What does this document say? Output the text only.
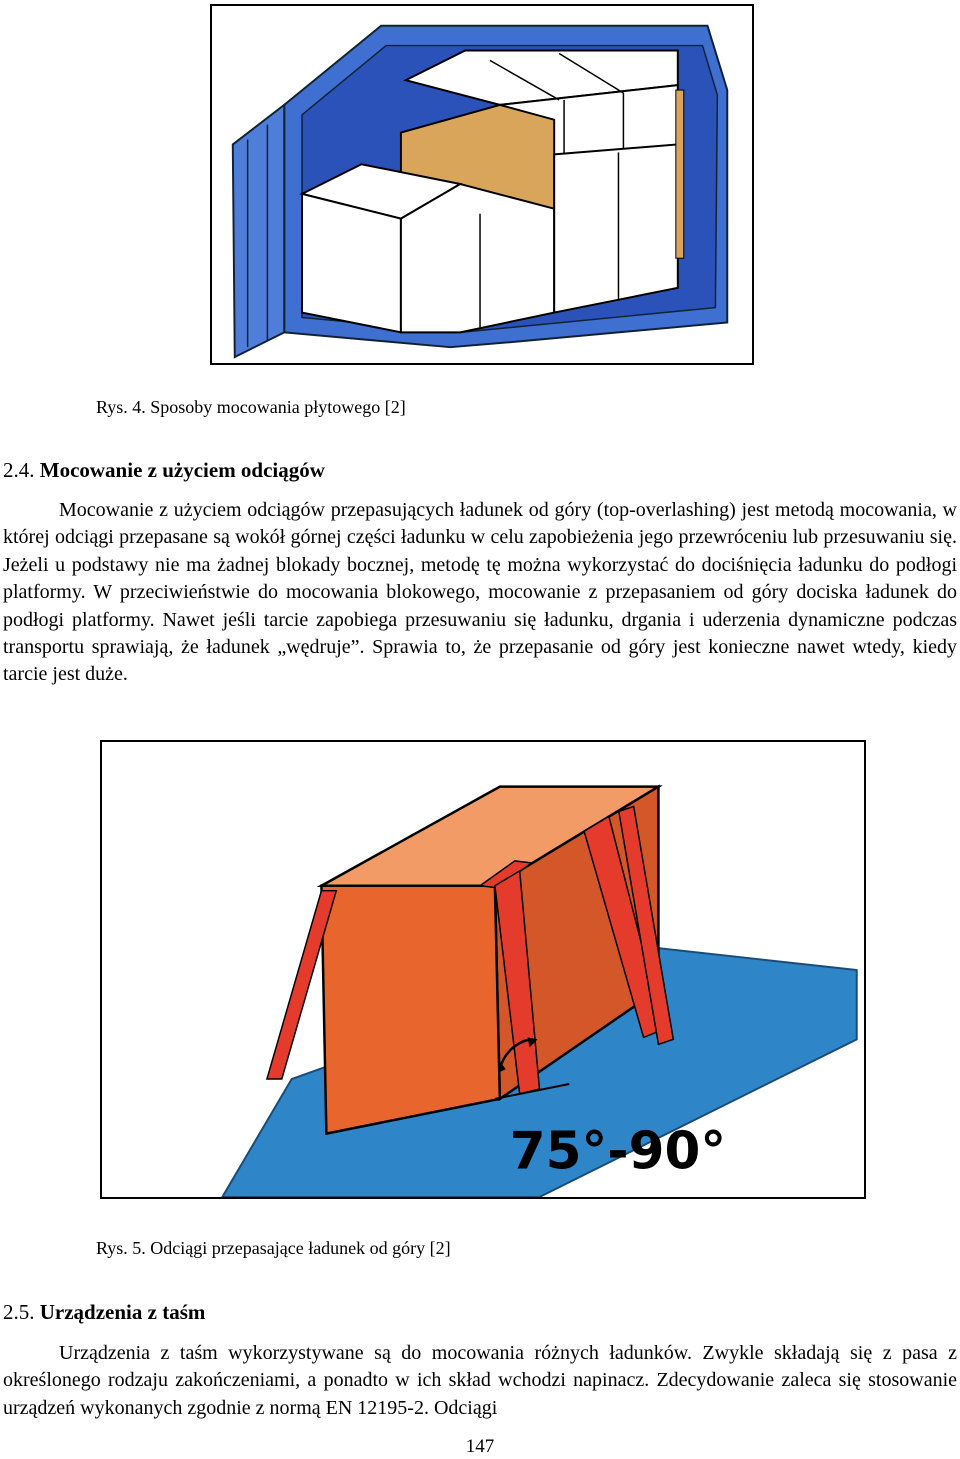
Rys. 4. Sposoby mocowania płytowego [2]
2.4. Mocowanie z użyciem odciągów

Mocowanie z użyciem odciągów przepasujących ładunek od góry (top-overlashing) jest metodą mocowania, w której odciągi przepasane są wokół górnej części ładunku w celu zapobieżenia jego przewróceniu lub przesuwaniu się. Jeżeli u podstawy nie ma żadnej blokady bocznej, metodę tę można wykorzystać do dociśnięcia ładunku do podłogi platformy. W przeciwieństwie do mocowania blokowego, mocowanie z przepasaniem od góry dociska ładunek do podłogi platformy. Nawet jeśli tarcie zapobiega przesuwaniu się ładunku, drgania i uderzenia dynamiczne podczas transportu sprawiają, że ładunek „wędruje”. Sprawia to, że przepasanie od góry jest konieczne nawet wtedy, kiedy tarcie jest duże.

75°-90°
Rys. 5. Odciągi przepasające ładunek od góry [2]
2.5. Urządzenia z taśm

Urządzenia z taśm wykorzystywane są do mocowania różnych ładunków. Zwykle składają się z pasa z określonego rodzaju zakończeniami, a ponadto w ich skład wchodzi napinacz. Zdecydowanie zaleca się stosowanie urządzeń wykonanych zgodnie z normą EN 12195-2. Odciągi

147
